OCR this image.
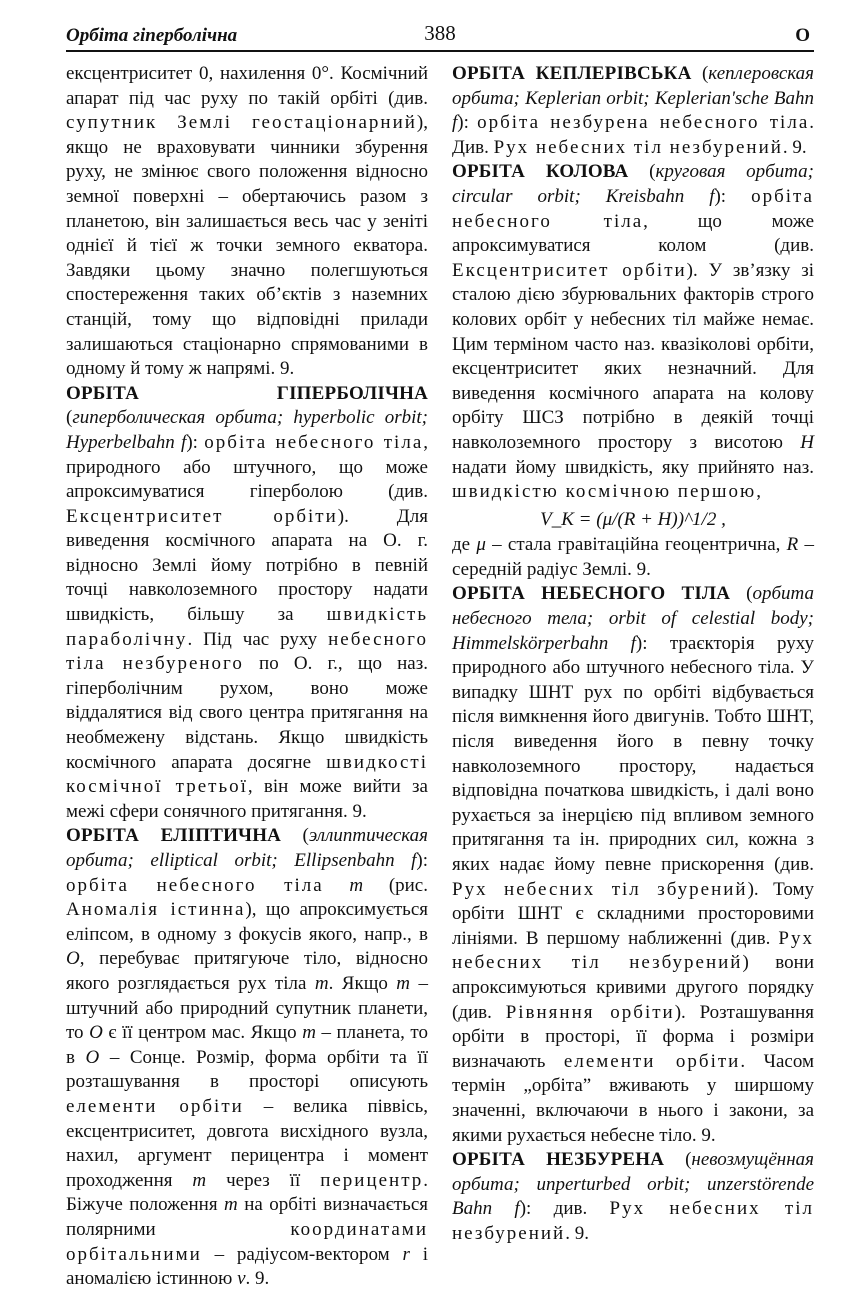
Орбіта гіперболічна	388	О

ексцентриситет 0, нахилення 0°. Космічний апарат під час руху по такій орбіті (див. супутник Землі геостаціонарний), якщо не враховувати чинники збурення руху, не змінює свого положення відносно земної поверхні – обертаючись разом з планетою, він залишається весь час у зеніті однієї й тієї ж точки земного екватора. Завдяки цьому значно полегшуються спостереження таких об’єктів з наземних станцій, тому що відповідні прилади залишаються стаціонарно спрямованими в одному й тому ж напрямі. 9.

ОРБІТА ГІПЕРБОЛІЧНА (гиперболическая орбита; hyperbolic orbit; Hyperbelbahn f): орбіта небесного тіла, природного або штучного, що може апроксимуватися гіперболою (див. Ексцентриситет орбіти). Для виведення космічного апарата на О. г. відносно Землі йому потрібно в певній точці навколоземного простору надати швидкість, більшу за швидкість параболічну. Під час руху небесного тіла незбуреного по О. г., що наз. гіперболічним рухом, воно може віддалятися від свого центра притягання на необмежену відстань. Якщо швидкість космічного апарата досягне швидкості космічної третьої, він може вийти за межі сфери сонячного притягання. 9.

ОРБІТА ЕЛІПТИЧНА (эллиптическая орбита; elliptical orbit; Ellipsenbahn f): орбіта небесного тіла m (рис. Аномалія істинна), що апроксимується еліпсом, в одному з фокусів якого, напр., в O, перебуває притягуюче тіло, відносно якого розглядається рух тіла m. Якщо m – штучний або природний супутник планети, то O є її центром мас. Якщо m – планета, то в O – Сонце. Розмір, форма орбіти та її розташування в просторі описують елементи орбіти – велика піввісь, ексцентриситет, довгота висхідного вузла, нахил, аргумент перицентра і момент проходження m через її перицентр. Біжуче положення m на орбіті визначається полярними координатами орбітальними – радіусом-вектором r і аномалією істинною v. 9.

ОРБІТА КЕПЛЕРІВСЬКА (кеплеровская орбита; Keplerian orbit; Keplerian'sche Bahn f): орбіта незбурена небесного тіла. Див. Рух небесних тіл незбурений. 9.

ОРБІТА КОЛОВА (круговая орбита; circular orbit; Kreisbahn f): орбіта небесного тіла, що може апроксимуватися колом (див. Ексцентриситет орбіти). У зв’язку зі сталою дією збурювальних факторів строго колових орбіт у небесних тіл майже немає. Цим терміном часто наз. квазіколові орбіти, ексцентриситет яких незначний. Для виведення космічного апарата на колову орбіту ШСЗ потрібно в деякій точці навколоземного простору з висотою H надати йому швидкість, яку прийнято наз. швидкістю космічною першою,

V_K = (μ/(R + H))^1/2 ,

де μ – стала гравітаційна геоцентрична, R – середній радіус Землі. 9.

ОРБІТА НЕБЕСНОГО ТІЛА (орбита небесного тела; orbit of celestial body; Himmelskörperbahn f): траєкторія руху природного або штучного небесного тіла. У випадку ШНТ рух по орбіті відбувається після вимкнення його двигунів. Тобто ШНТ, після виведення його в певну точку навколоземного простору, надається відповідна початкова швидкість, і далі воно рухається за інерцією під впливом земного притягання та ін. природних сил, кожна з яких надає йому певне прискорення (див. Рух небесних тіл збурений). Тому орбіти ШНТ є складними просторовими лініями. В першому наближенні (див. Рух небесних тіл незбурений) вони апроксимуються кривими другого порядку (див. Рівняння орбіти). Розташування орбіти в просторі, її форма і розміри визначають елементи орбіти. Часом термін „орбіта” вживають у ширшому значенні, включаючи в нього і закони, за якими рухається небесне тіло. 9.

ОРБІТА НЕЗБУРЕНА (невозмущённая орбита; unperturbed orbit; unzerstörende Bahn f): див. Рух небесних тіл незбурений. 9.
